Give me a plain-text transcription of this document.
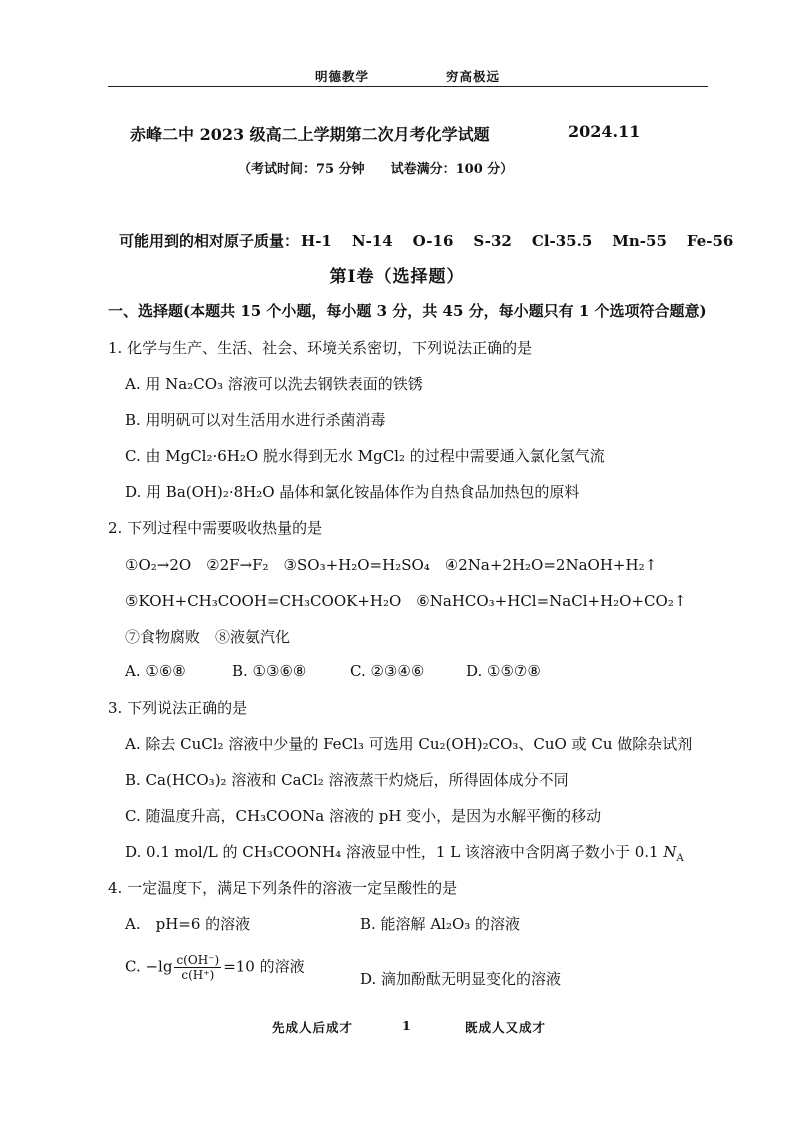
明德教学	穷高极远
赤峰二中 2023 级高二上学期第二次月考化学试题	2024.11
（考试时间：75 分钟　　试卷满分：100 分）
可能用到的相对原子质量： H-1 N-14 O-16 S-32 Cl-35.5 Mn-55 Fe-56
第Ⅰ卷（选择题）
一、选择题(本题共 15 个小题，每小题 3 分，共 45 分，每小题只有 1 个选项符合题意)
1. 化学与生产、生活、社会、环境关系密切，下列说法正确的是
A. 用 Na₂CO₃ 溶液可以洗去钢铁表面的铁锈
B. 用明矾可以对生活用水进行杀菌消毒
C. 由 MgCl₂·6H₂O 脱水得到无水 MgCl₂ 的过程中需要通入氯化氢气流
D. 用 Ba(OH)₂·8H₂O 晶体和氯化铵晶体作为自热食品加热包的原料
2. 下列过程中需要吸收热量的是
①O₂→2O　②2F→F₂　③SO₃+H₂O=H₂SO₄　④2Na+2H₂O=2NaOH+H₂↑
⑤KOH+CH₃COOH=CH₃COOK+H₂O　⑥NaHCO₃+HCl=NaCl+H₂O+CO₂↑
⑦食物腐败　⑧液氨汽化
A. ①⑥⑧	B. ①③⑥⑧	C. ②③④⑥	D. ①⑤⑦⑧
3. 下列说法正确的是
A. 除去 CuCl₂ 溶液中少量的 FeCl₃ 可选用 Cu₂(OH)₂CO₃、CuO 或 Cu 做除杂试剂
B. Ca(HCO₃)₂ 溶液和 CaCl₂ 溶液蒸干灼烧后，所得固体成分不同
C. 随温度升高，CH₃COONa 溶液的 pH 变小，是因为水解平衡的移动
D. 0.1 mol/L 的 CH₃COONH₄ 溶液显中性，1 L 该溶液中含阴离子数小于 0.1 $N_A$
4. 一定温度下，满足下列条件的溶液一定呈酸性的是
A.　pH=6 的溶液	B. 能溶解 Al₂O₃ 的溶液
C. $-\lg \frac{c(OH^-)}{c(H^+)} =10$ 的溶液
D. 滴加酚酞无明显变化的溶液
先成人后成才	1	既成人又成才
